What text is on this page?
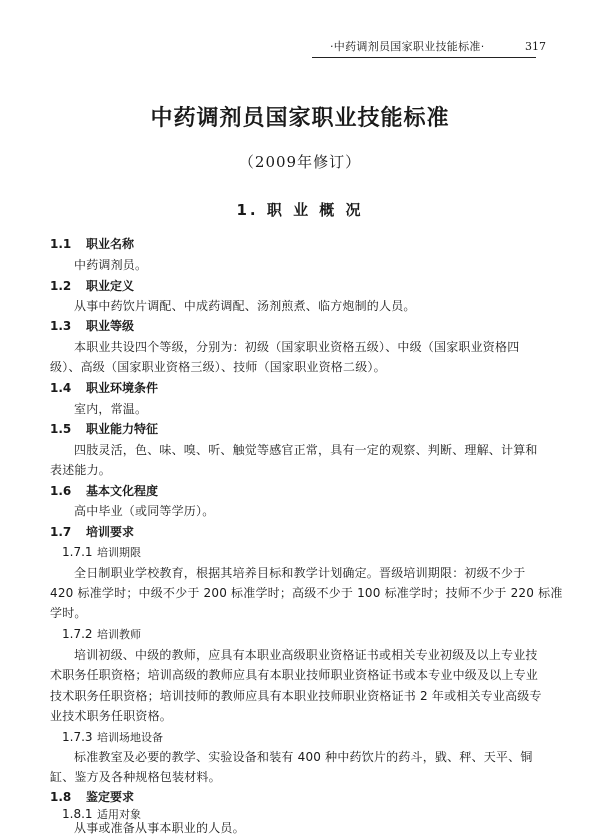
·中药调剂员国家职业技能标准·	317
中药调剂员国家职业技能标准
（2009年修订）
1. 职 业 概 况
1.1 职业名称
中药调剂员。
1.2 职业定义
从事中药饮片调配、中成药调配、汤剂煎煮、临方炮制的人员。
1.3 职业等级
本职业共设四个等级，分别为：初级（国家职业资格五级）、中级（国家职业资格四
级）、高级（国家职业资格三级）、技师（国家职业资格二级）。
1.4 职业环境条件
室内，常温。
1.5 职业能力特征
四肢灵活，色、味、嗅、听、触觉等感官正常，具有一定的观察、判断、理解、计算和
表述能力。
1.6 基本文化程度
高中毕业（或同等学历）。
1.7 培训要求
1.7.1 培训期限
全日制职业学校教育，根据其培养目标和教学计划确定。晋级培训期限：初级不少于
420 标准学时；中级不少于 200 标准学时；高级不少于 100 标准学时；技师不少于 220 标准
学时。
1.7.2 培训教师
培训初级、中级的教师，应具有本职业高级职业资格证书或相关专业初级及以上专业技
术职务任职资格；培训高级的教师应具有本职业技师职业资格证书或本专业中级及以上专业
技术职务任职资格；培训技师的教师应具有本职业技师职业资格证书 2 年或相关专业高级专
业技术职务任职资格。
1.7.3 培训场地设备
标准教室及必要的教学、实验设备和装有 400 种中药饮片的药斗，戥、秤、天平、铜
缸、鉴方及各种规格包装材料。
1.8 鉴定要求
1.8.1 适用对象
从事或准备从事本职业的人员。
